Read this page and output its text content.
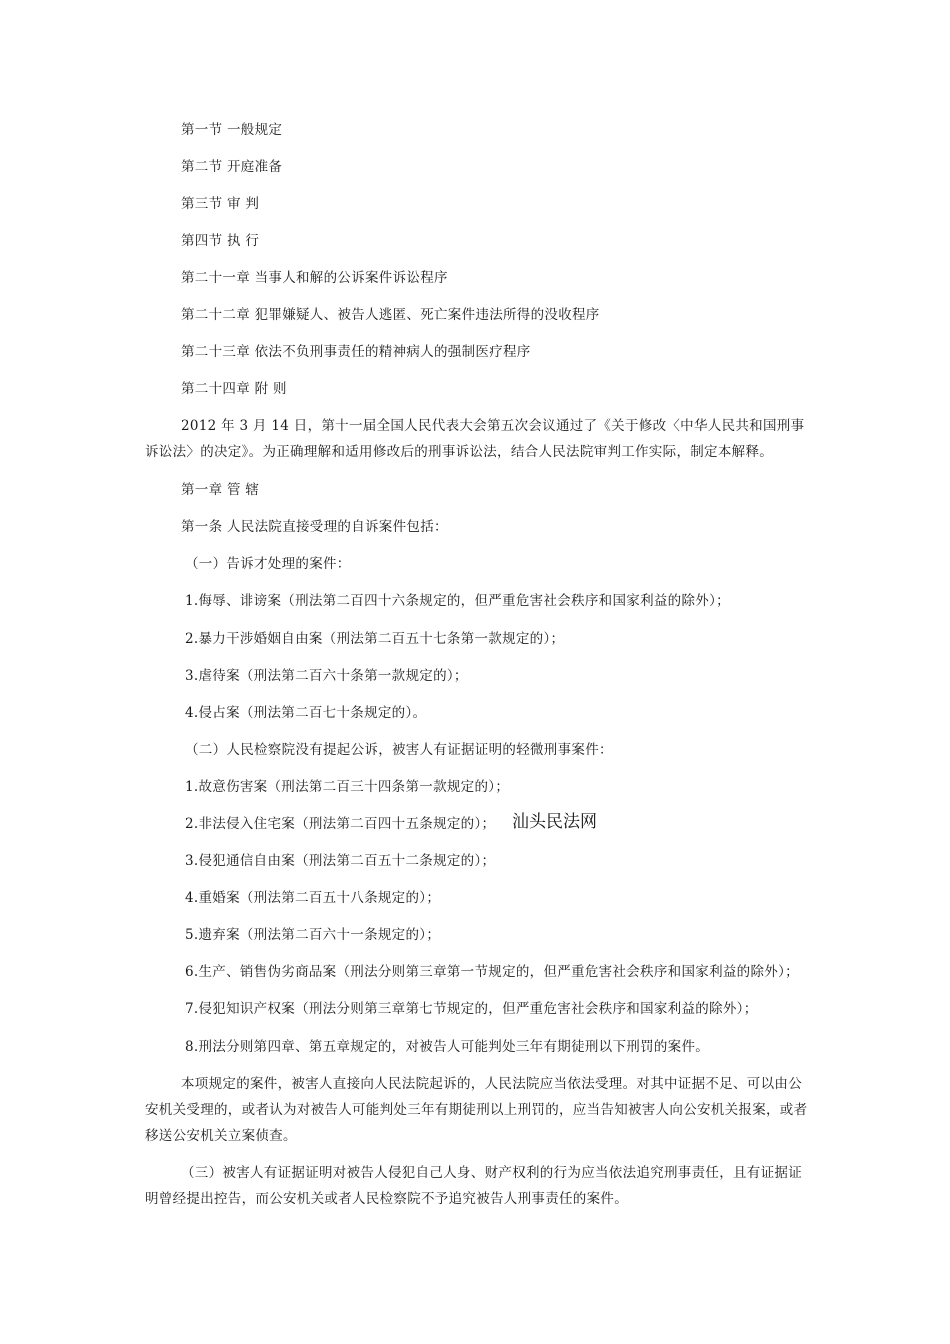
第一节 一般规定
第二节 开庭准备
第三节 审 判
第四节 执 行
第二十一章 当事人和解的公诉案件诉讼程序
第二十二章 犯罪嫌疑人、被告人逃匿、死亡案件违法所得的没收程序
第二十三章 依法不负刑事责任的精神病人的强制医疗程序
第二十四章 附 则
2012 年 3 月 14 日，第十一届全国人民代表大会第五次会议通过了《关于修改〈中华人民共和国刑事
诉讼法〉的决定》。为正确理解和适用修改后的刑事诉讼法，结合人民法院审判工作实际，制定本解释。
第一章 管 辖
第一条 人民法院直接受理的自诉案件包括：
（一）告诉才处理的案件：
1.侮辱、诽谤案（刑法第二百四十六条规定的，但严重危害社会秩序和国家利益的除外）；
2.暴力干涉婚姻自由案（刑法第二百五十七条第一款规定的）；
3.虐待案（刑法第二百六十条第一款规定的）；
4.侵占案（刑法第二百七十条规定的）。
（二）人民检察院没有提起公诉，被害人有证据证明的轻微刑事案件：
1.故意伤害案（刑法第二百三十四条第一款规定的）；
2.非法侵入住宅案（刑法第二百四十五条规定的）； 汕头民法网
3.侵犯通信自由案（刑法第二百五十二条规定的）；
4.重婚案（刑法第二百五十八条规定的）；
5.遗弃案（刑法第二百六十一条规定的）；
6.生产、销售伪劣商品案（刑法分则第三章第一节规定的，但严重危害社会秩序和国家利益的除外）；
7.侵犯知识产权案（刑法分则第三章第七节规定的，但严重危害社会秩序和国家利益的除外）；
8.刑法分则第四章、第五章规定的，对被告人可能判处三年有期徒刑以下刑罚的案件。
本项规定的案件，被害人直接向人民法院起诉的，人民法院应当依法受理。对其中证据不足、可以由公安机关受理的，或者认为对被告人可能判处三年有期徒刑以上刑罚的，应当告知被害人向公安机关报案，或者移送公安机关立案侦查。
（三）被害人有证据证明对被告人侵犯自己人身、财产权利的行为应当依法追究刑事责任，且有证据证明曾经提出控告，而公安机关或者人民检察院不予追究被告人刑事责任的案件。
